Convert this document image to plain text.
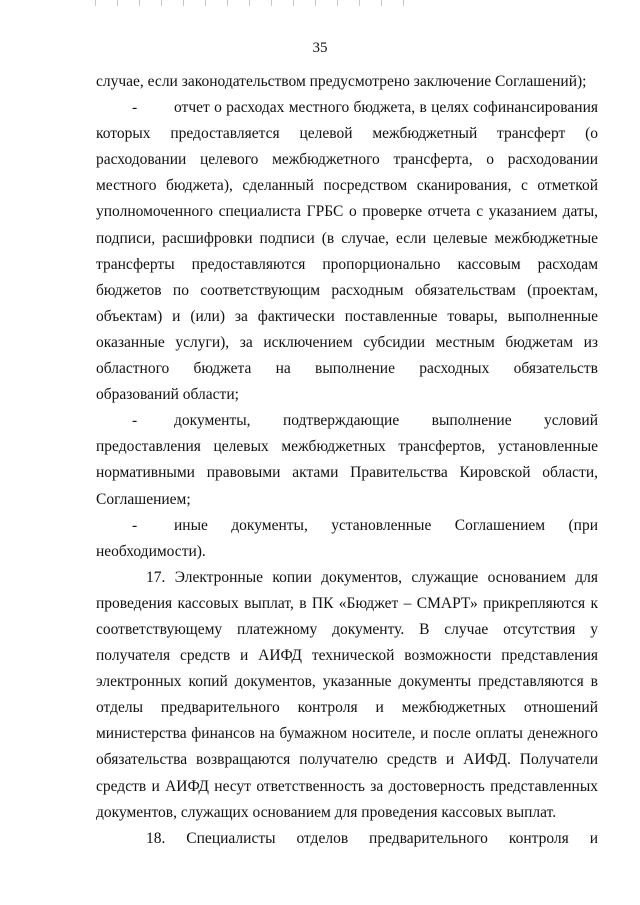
35
случае, если законодательством предусмотрено заключение Соглашений);
-	отчет о расходах местного бюджета, в целях софинансирования
которых предоставляется целевой межбюджетный трансферт (о
расходовании целевого межбюджетного трансферта, о расходовании
местного бюджета), сделанный посредством сканирования, с отметкой
уполномоченного специалиста ГРБС о проверке отчета с указанием даты,
подписи, расшифровки подписи (в случае, если целевые межбюджетные
трансферты предоставляются пропорционально кассовым расходам
бюджетов по соответствующим расходным обязательствам (проектам,
объектам) и (или) за фактически поставленные товары, выполненные
оказанные услуги), за исключением субсидии местным бюджетам из
областного бюджета на выполнение расходных обязательств
образований области;
-	документы, подтверждающие выполнение условий
предоставления целевых межбюджетных трансфертов, установленные
нормативными правовыми актами Правительства Кировской области,
Соглашением;
-	иные документы, установленные Соглашением (при
необходимости).
17. Электронные копии документов, служащие основанием для
проведения кассовых выплат, в ПК «Бюджет – СМАРТ» прикрепляются к
соответствующему платежному документу. В случае отсутствия у
получателя средств и АИФД технической возможности представления
электронных копий документов, указанные документы представляются в
отделы предварительного контроля и межбюджетных отношений
министерства финансов на бумажном носителе, и после оплаты денежного
обязательства возвращаются получателю средств и АИФД. Получатели
средств и АИФД несут ответственность за достоверность представленных
документов, служащих основанием для проведения кассовых выплат.
18. Специалисты отделов предварительного контроля и
